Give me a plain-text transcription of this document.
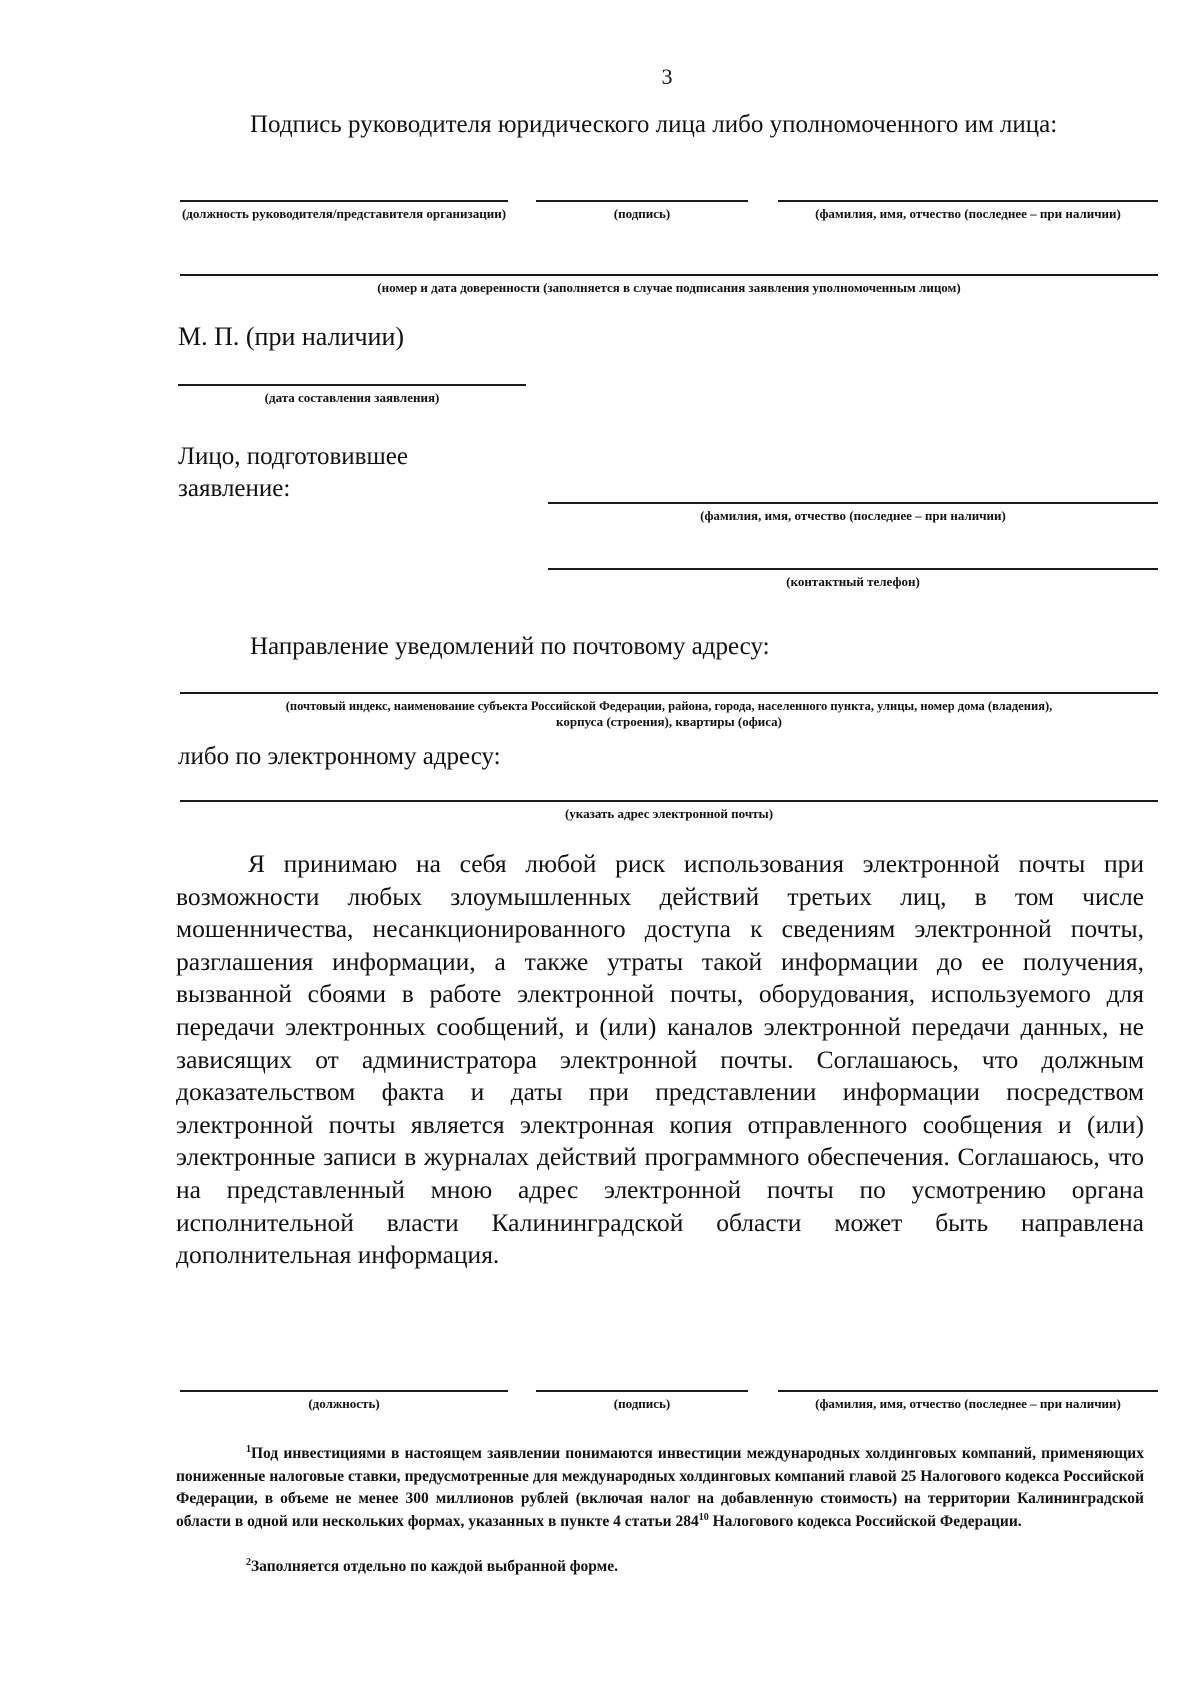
3
Подпись руководителя юридического лица либо уполномоченного им лица:
(должность руководителя/представителя организации)	(подпись)	(фамилия, имя, отчество (последнее – при наличии)
(номер и дата доверенности (заполняется в случае подписания заявления уполномоченным лицом)
М. П. (при наличии)
(дата составления заявления)
Лицо, подготовившее
заявление:
(фамилия, имя, отчество (последнее – при наличии)
(контактный телефон)
Направление уведомлений по почтовому адресу:
(почтовый индекс, наименование субъекта Российской Федерации, района, города, населенного пункта, улицы, номер дома (владения),
корпуса (строения), квартиры (офиса)
либо по электронному адресу:
(указать адрес электронной почты)
Я принимаю на себя любой риск использования электронной почты при возможности любых злоумышленных действий третьих лиц, в том числе мошенничества, несанкционированного доступа к сведениям электронной почты, разглашения информации, а также утраты такой информации до ее получения, вызванной сбоями в работе электронной почты, оборудования, используемого для передачи электронных сообщений, и (или) каналов электронной передачи данных, не зависящих от администратора электронной почты. Соглашаюсь, что должным доказательством факта и даты при представлении информации посредством электронной почты является электронная копия отправленного сообщения и (или) электронные записи в журналах действий программного обеспечения. Соглашаюсь, что на представленный мною адрес электронной почты по усмотрению органа исполнительной власти Калининградской области может быть направлена дополнительная информация.
(должность)	(подпись)	(фамилия, имя, отчество (последнее – при наличии)
$^1$Под инвестициями в настоящем заявлении понимаются инвестиции международных холдинговых компаний, применяющих пониженные налоговые ставки, предусмотренные для международных холдинговых компаний главой 25 Налогового кодекса Российской Федерации, в объеме не менее 300 миллионов рублей (включая налог на добавленную стоимость) на территории Калининградской области в одной или нескольких формах, указанных в пункте 4 статьи $284^{10}$ Налогового кодекса Российской Федерации.
$^2$Заполняется отдельно по каждой выбранной форме.
